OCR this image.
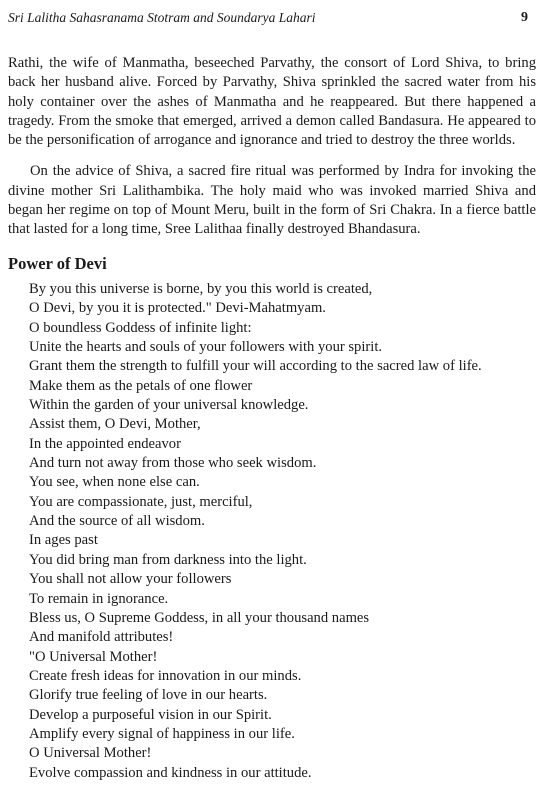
Sri Lalitha Sahasranama Stotram and Soundarya Lahari	9

Rathi, the wife of Manmatha, beseeched Parvathy, the consort of Lord Shiva, to bring back her husband alive. Forced by Parvathy, Shiva sprinkled the sacred water from his holy container over the ashes of Manmatha and he reappeared. But there happened a tragedy. From the smoke that emerged, arrived a demon called Bandasura. He appeared to be the personification of arrogance and ignorance and tried to destroy the three worlds.

On the advice of Shiva, a sacred fire ritual was performed by Indra for invoking the divine mother Sri Lalithambika. The holy maid who was invoked married Shiva and began her regime on top of Mount Meru, built in the form of Sri Chakra. In a fierce battle that lasted for a long time, Sree Lalithaa finally destroyed Bhandasura.

Power of Devi
By you this universe is borne, by you this world is created,
O Devi, by you it is protected." Devi-Mahatmyam.
O boundless Goddess of infinite light:
Unite the hearts and souls of your followers with your spirit.
Grant them the strength to fulfill your will according to the sacred law of life.
Make them as the petals of one flower
Within the garden of your universal knowledge.
Assist them, O Devi, Mother,
In the appointed endeavor
And turn not away from those who seek wisdom.
You see, when none else can.
You are compassionate, just, merciful,
And the source of all wisdom.
In ages past
You did bring man from darkness into the light.
You shall not allow your followers
To remain in ignorance.
Bless us, O Supreme Goddess, in all your thousand names
And manifold attributes!
"O Universal Mother!
Create fresh ideas for innovation in our minds.
Glorify true feeling of love in our hearts.
Develop a purposeful vision in our Spirit.
Amplify every signal of happiness in our life.
O Universal Mother!
Evolve compassion and kindness in our attitude.
